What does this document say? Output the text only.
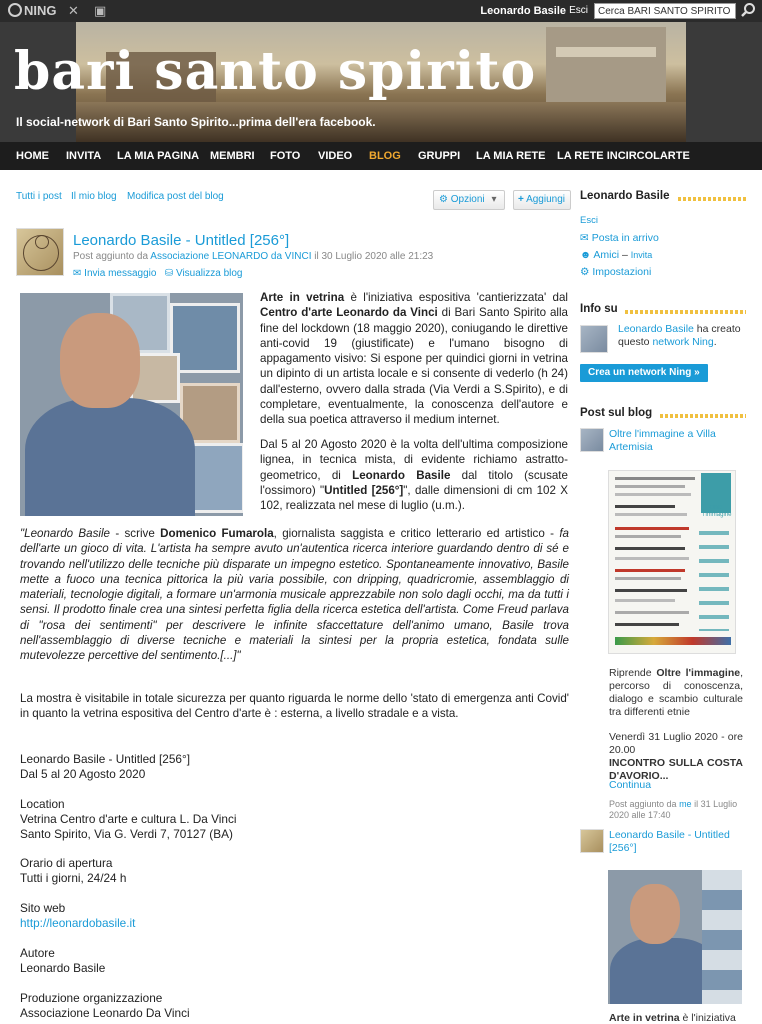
NING ✕ ▣	Leonardo Basile Esci
Cerca BARI SANTO SPIRITO
bari santo spirito
Il social-network di Bari Santo Spirito...prima dell'era facebook.
HOME INVITA LA MIA PAGINA MEMBRI FOTO VIDEO BLOG GRUPPI LA MIA RETE LA RETE INCIRCOLARTE
Tutti i post Il mio blog Modifica post del blog	⚙ Opzioni ▾	+ Aggiungi
Leonardo Basile - Untitled [256°]
Post aggiunto da Associazione LEONARDO da VINCI il 30 Luglio 2020 alle 21:23
✉ Invia messaggio ⛁ Visualizza blog
Arte in vetrina è l'iniziativa espositiva 'cantierizzata' dal Centro d'arte Leonardo da Vinci di Bari Santo Spirito alla fine del lockdown (18 maggio 2020), coniugando le direttive anti-covid 19 (giustificate) e l'umano bisogno di appagamento visivo: Si espone per quindici giorni in vetrina un dipinto di un artista locale e si consente di vederlo (h 24) dall'esterno, ovvero dalla strada (Via Verdi a S.Spirito), e di completare, eventualmente, la conoscenza dell'autore e della sua poetica attraverso il medium internet.
Dal 5 al 20 Agosto 2020 è la volta dell'ultima composizione lignea, in tecnica mista, di evidente richiamo astratto-geometrico, di Leonardo Basile dal titolo (scusate l'ossimoro) "Untitled [256°]", dalle dimensioni di cm 102 X 102, realizzata nel mese di luglio (u.m.).
"Leonardo Basile - scrive Domenico Fumarola, giornalista saggista e critico letterario ed artistico - fa dell'arte un gioco di vita. L'artista ha sempre avuto un'autentica ricerca interiore guardando dentro di sé e trovando nell'utilizzo delle tecniche più disparate un impegno estetico. Spontaneamente innovativo, Basile mette a fuoco una tecnica pittorica la più varia possibile, con dripping, quadricromie, assemblaggio di materiali, tecnologie digitali, a formare un'armonia musicale apprezzabile non solo dagli occhi, ma da tutti i sensi. Il prodotto finale crea una sintesi perfetta figlia della ricerca estetica dell'artista. Come Freud parlava di "rosa dei sentimenti" per descrivere le infinite sfaccettature dell'animo umano, Basile trova nell'assemblaggio di diverse tecniche e materiali la sintesi per la propria estetica, fondata sulle mutevolezze percettive del sentimento.[...]"
La mostra è visitabile in totale sicurezza per quanto riguarda le norme dello 'stato di emergenza anti Covid' in quanto la vetrina espositiva del Centro d'arte è : esterna, a livello stradale e a vista.
Leonardo Basile - Untitled [256°]
Dal 5 al 20 Agosto 2020
Location
Vetrina Centro d'arte e cultura L. Da Vinci
Santo Spirito, Via G. Verdi 7, 70127 (BA)
Orario di apertura
Tutti i giorni, 24/24 h
Sito web
http://leonardobasile.it
Autore
Leonardo Basile
Produzione organizzazione
Associazione Leonardo Da Vinci
Leonardo Basile
Esci
✉ Posta in arrivo
☻ Amici – Invita
⚙ Impostazioni
Info su
Leonardo Basile ha creato questo network Ning.
Crea un network Ning »
Post sul blog
Oltre l'immagine a Villa Artemisia
Oltre l'immagine
Riprende Oltre l'immagine, percorso di conoscenza, dialogo e scambio culturale tra differenti etnie
Venerdì 31 Luglio 2020 - ore 20.00
INCONTRO SULLA COSTA D'AVORIO...
Continua
Post aggiunto da me il 31 Luglio 2020 alle 17:40
Leonardo Basile - Untitled [256°]
Arte in vetrina è l'iniziativa
